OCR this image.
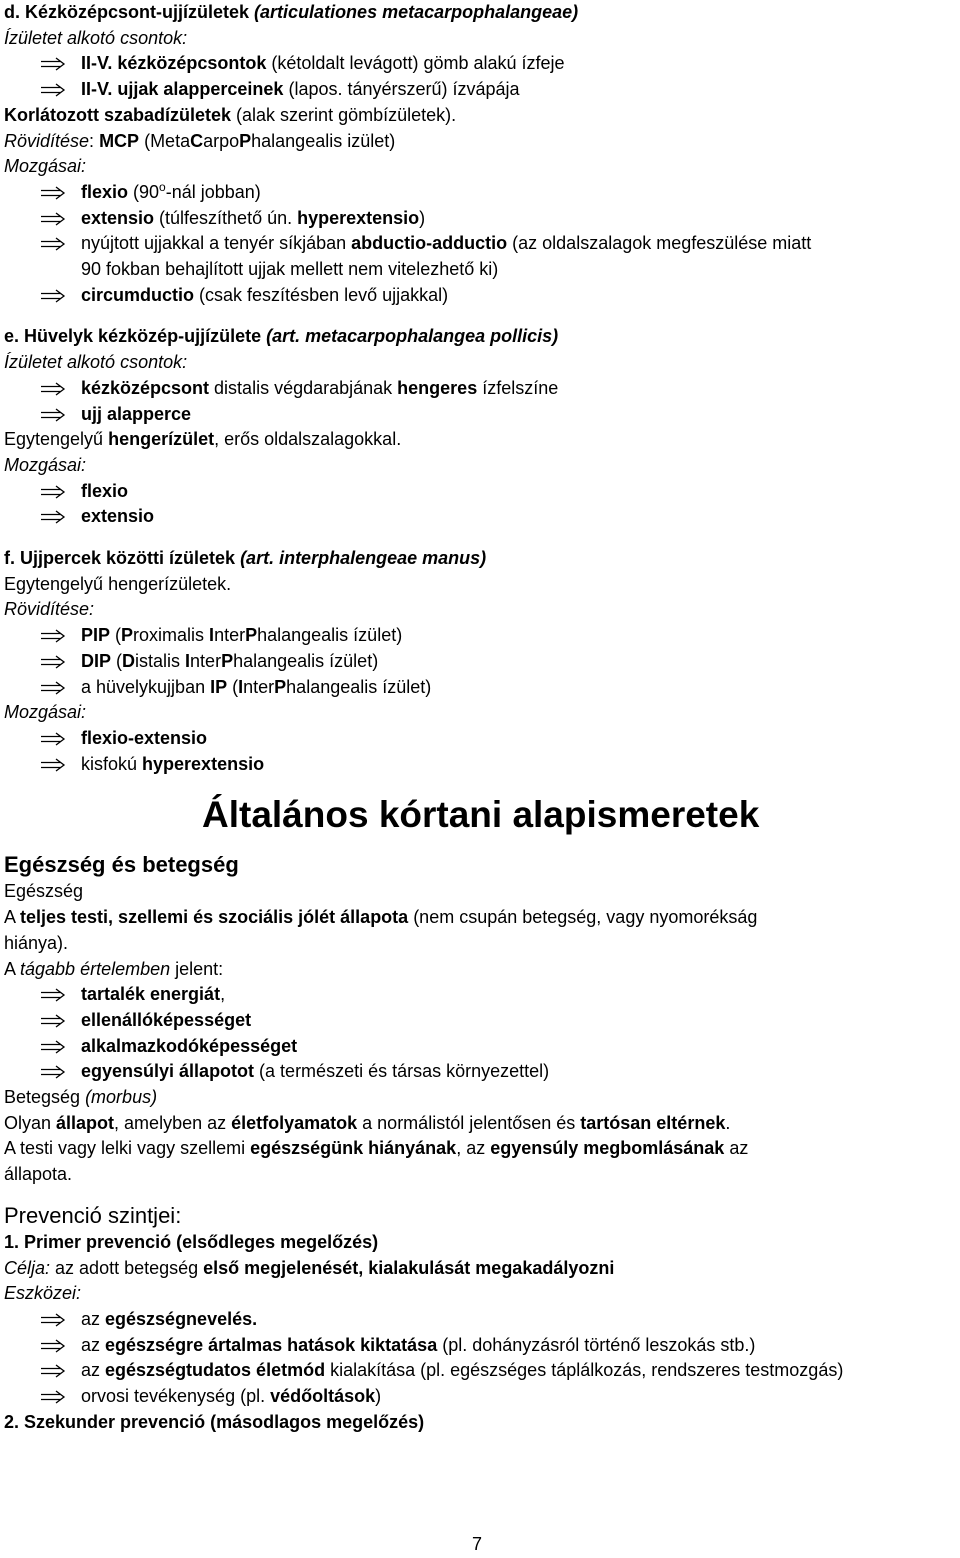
d. Kézközépcsont-ujjízületek (articulationes metacarpophalangeae)
Ízületet alkotó csontok:
II-V. kézközépcsontok (kétoldalt levágott) gömb alakú ízfeje
II-V. ujjak alapperceinek (lapos. tányérszerű) ízvápája
Korlátozott szabadízületek (alak szerint gömbízületek).
Rövidítése: MCP (MetaCarpoPhalangealis izület)
Mozgásai:
flexio (90$^o$-nál jobban)
extensio (túlfeszíthető ún. hyperextensio)
nyújtott ujjakkal a tenyér síkjában abductio-adductio (az oldalszalagok megfeszülése miatt
90 fokban behajlított ujjak mellett nem vitelezhető ki)
circumductio (csak feszítésben levő ujjakkal)
e. Hüvelyk kézközép-ujjízülete (art. metacarpophalangea pollicis)
Ízületet alkotó csontok:
kézközépcsont distalis végdarabjának hengeres ízfelszíne
ujj alapperce
Egytengelyű hengerízület, erős oldalszalagokkal.
Mozgásai:
flexio
extensio
f. Ujjpercek közötti ízületek (art. interphalengeae manus)
Egytengelyű hengerízületek.
Rövidítése:
PIP (Proximalis InterPhalangealis ízület)
DIP (Distalis InterPhalangealis ízület)
a hüvelykujjban IP (InterPhalangealis ízület)
Mozgásai:
flexio-extensio
kisfokú hyperextensio
Általános kórtani alapismeretek
Egészség és betegség
Egészség
A teljes testi, szellemi és szociális jólét állapota (nem csupán betegség, vagy nyomorékság
hiánya).
A tágabb értelemben jelent:
tartalék energiát,
ellenállóképességet
alkalmazkodóképességet
egyensúlyi állapotot (a természeti és társas környezettel)
Betegség (morbus)
Olyan állapot, amelyben az életfolyamatok a normálistól jelentősen és tartósan eltérnek.
A testi vagy lelki vagy szellemi egészségünk hiányának, az egyensúly megbomlásának az
állapota.
Prevenció szintjei:
1. Primer prevenció (elsődleges megelőzés)
Célja: az adott betegség első megjelenését, kialakulását megakadályozni
Eszközei:
az egészségnevelés.
az egészségre ártalmas hatások kiktatása (pl. dohányzásról történő leszokás stb.)
az egészségtudatos életmód kialakítása (pl. egészséges táplálkozás, rendszeres testmozgás)
orvosi tevékenység (pl. védőoltások)
2. Szekunder prevenció (másodlagos megelőzés)
7
